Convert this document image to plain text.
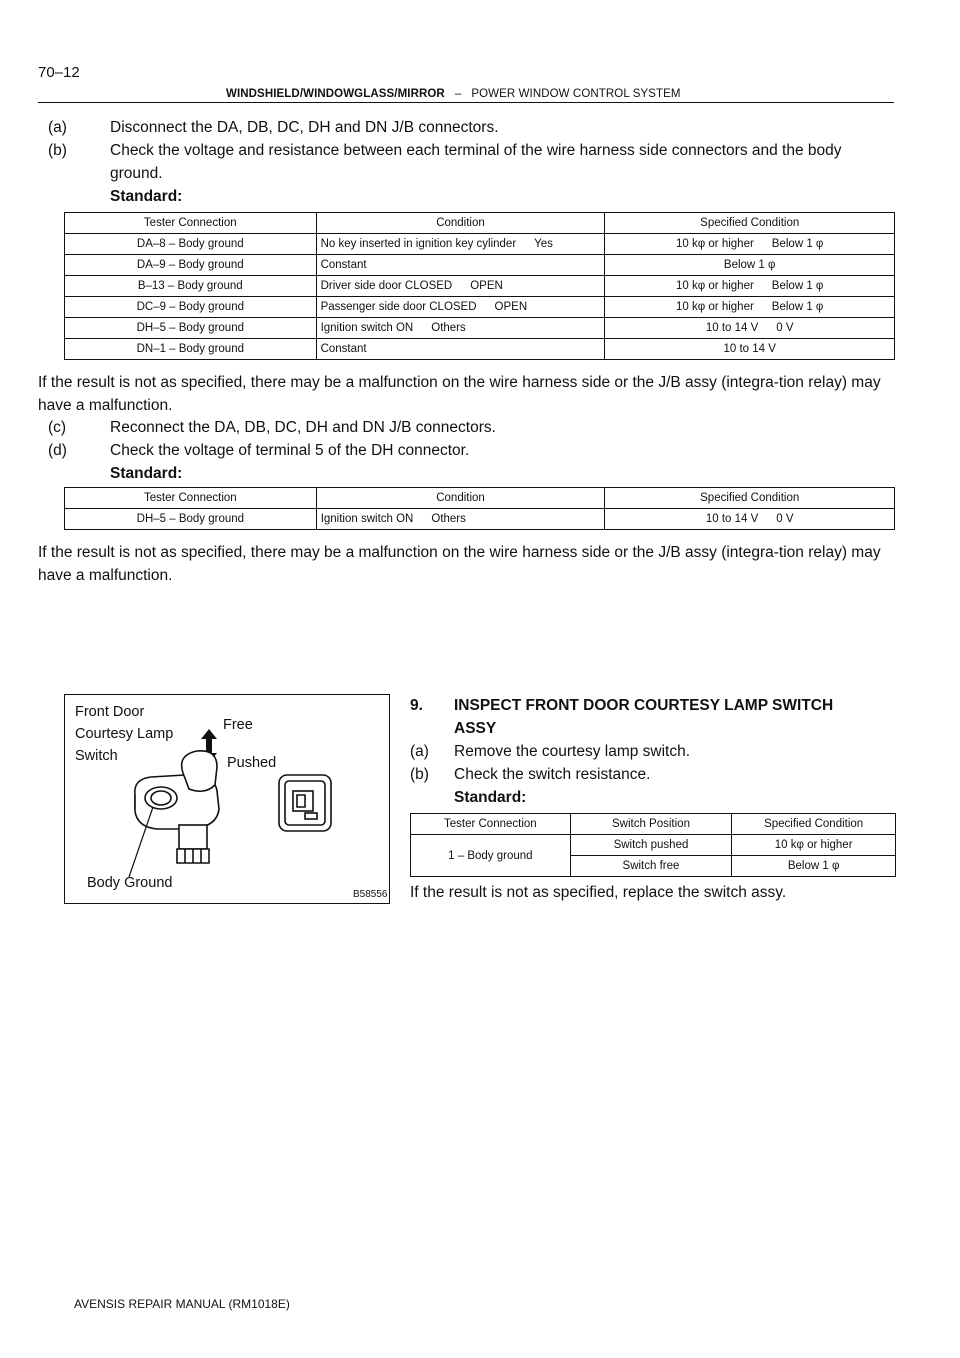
70–12
WINDSHIELD/WINDOWGLASS/MIRROR – POWER WINDOW CONTROL SYSTEM
(a)	Disconnect the DA, DB, DC, DH and DN J/B connectors.
(b)	Check the voltage and resistance between each terminal of the wire harness side connectors and the body ground.
Standard:
Tester Connection	Condition	Specified Condition
DA–8 – Body ground	No key inserted in ignition key cylinder Yes	10 kφ or higher Below 1 φ
DA–9 – Body ground	Constant	Below 1 φ
B–13 – Body ground	Driver side door CLOSED OPEN	10 kφ or higher Below 1 φ
DC–9 – Body ground	Passenger side door CLOSED OPEN	10 kφ or higher Below 1 φ
DH–5 – Body ground	Ignition switch ON Others	10 to 14 V 0 V
DN–1 – Body ground	Constant	10 to 14 V
If the result is not as specified, there may be a malfunction on the wire harness side or the J/B assy (integra-tion relay) may have a malfunction.
(c)	Reconnect the DA, DB, DC, DH and DN J/B connectors.
(d)	Check the voltage of terminal 5 of the DH connector.
Standard:
Tester Connection	Condition	Specified Condition
DH–5 – Body ground	Ignition switch ON Others	10 to 14 V 0 V
If the result is not as specified, there may be a malfunction on the wire harness side or the J/B assy (integra-tion relay) may have a malfunction.
Front Door
Courtesy Lamp
Switch
Free
Pushed
Body Ground
B58556
9. INSPECT FRONT DOOR COURTESY LAMP SWITCH
ASSY
(a) Remove the courtesy lamp switch.
(b) Check the switch resistance.
Standard:
Tester Connection	Switch Position	Specified Condition
1 – Body ground	Switch pushed	10 kφ or higher
	Switch free	Below 1 φ
If the result is not as specified, replace the switch assy.
AVENSIS REPAIR MANUAL (RM1018E)
